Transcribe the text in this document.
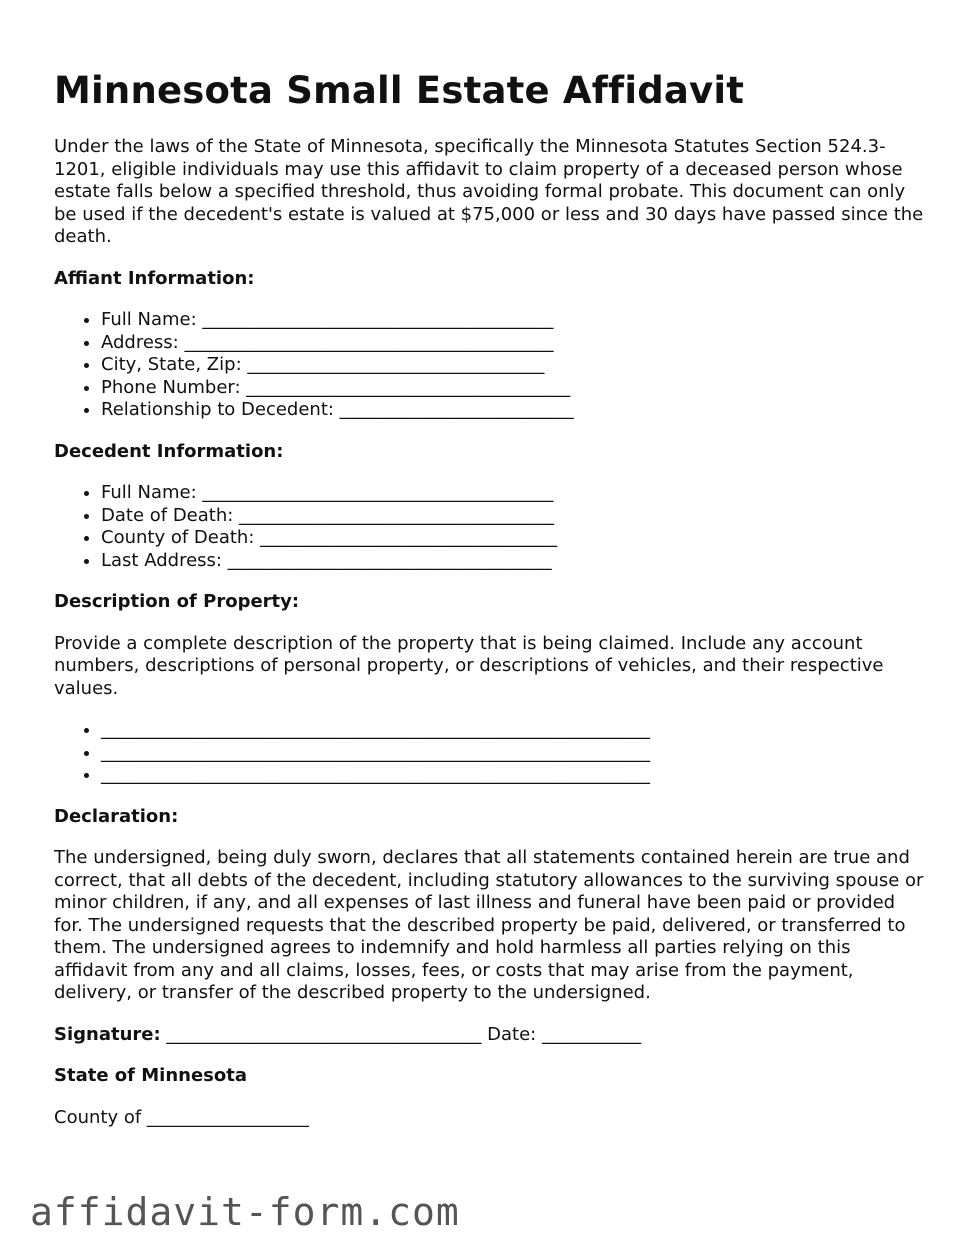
Minnesota Small Estate Affidavit

Under the laws of the State of Minnesota, specifically the Minnesota Statutes Section 524.3-1201, eligible individuals may use this affidavit to claim property of a deceased person whose estate falls below a specified threshold, thus avoiding formal probate. This document can only be used if the decedent's estate is valued at $75,000 or less and 30 days have passed since the death.

Affiant Information:
• Full Name: _______________________________________
• Address: _________________________________________
• City, State, Zip: _________________________________
• Phone Number: ____________________________________
• Relationship to Decedent: __________________________
Decedent Information:
• Full Name: _______________________________________
• Date of Death: ___________________________________
• County of Death: _________________________________
• Last Address: ____________________________________
Description of Property:

Provide a complete description of the property that is being claimed. Include any account numbers, descriptions of personal property, or descriptions of vehicles, and their respective values.

• _____________________________________________________________
• _____________________________________________________________
• _____________________________________________________________
Declaration:

The undersigned, being duly sworn, declares that all statements contained herein are true and correct, that all debts of the decedent, including statutory allowances to the surviving spouse or minor children, if any, and all expenses of last illness and funeral have been paid or provided for. The undersigned requests that the described property be paid, delivered, or transferred to them. The undersigned agrees to indemnify and hold harmless all parties relying on this affidavit from any and all claims, losses, fees, or costs that may arise from the payment, delivery, or transfer of the described property to the undersigned.

Signature: ___________________________________ Date: ___________
State of Minnesota
County of __________________
affidavit-form.com
